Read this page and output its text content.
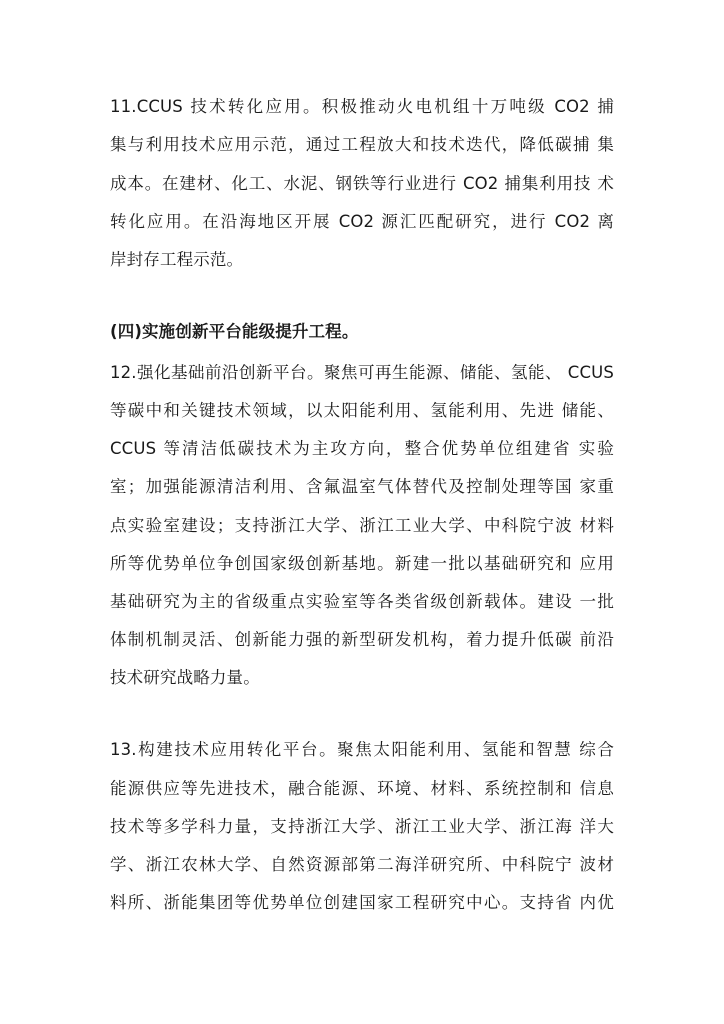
11.CCUS 技术转化应用。积极推动火电机组十万吨级 CO2 捕
集与利用技术应用示范，通过工程放大和技术迭代，降低碳捕 集
成本。在建材、化工、水泥、钢铁等行业进行 CO2 捕集利用技 术
转化应用。在沿海地区开展 CO2 源汇匹配研究，进行 CO2 离
岸封存工程示范。
(四)实施创新平台能级提升工程。
12.强化基础前沿创新平台。聚焦可再生能源、储能、氢能、 CCUS
等碳中和关键技术领域，以太阳能利用、氢能利用、先进 储能、
CCUS 等清洁低碳技术为主攻方向，整合优势单位组建省 实验
室；加强能源清洁利用、含氟温室气体替代及控制处理等国 家重
点实验室建设；支持浙江大学、浙江工业大学、中科院宁波 材料
所等优势单位争创国家级创新基地。新建一批以基础研究和 应用
基础研究为主的省级重点实验室等各类省级创新载体。建设 一批
体制机制灵活、创新能力强的新型研发机构，着力提升低碳 前沿
技术研究战略力量。
13.构建技术应用转化平台。聚焦太阳能利用、氢能和智慧 综合
能源供应等先进技术，融合能源、环境、材料、系统控制和 信息
技术等多学科力量，支持浙江大学、浙江工业大学、浙江海 洋大
学、浙江农林大学、自然资源部第二海洋研究所、中科院宁 波材
料所、浙能集团等优势单位创建国家工程研究中心。支持省 内优
